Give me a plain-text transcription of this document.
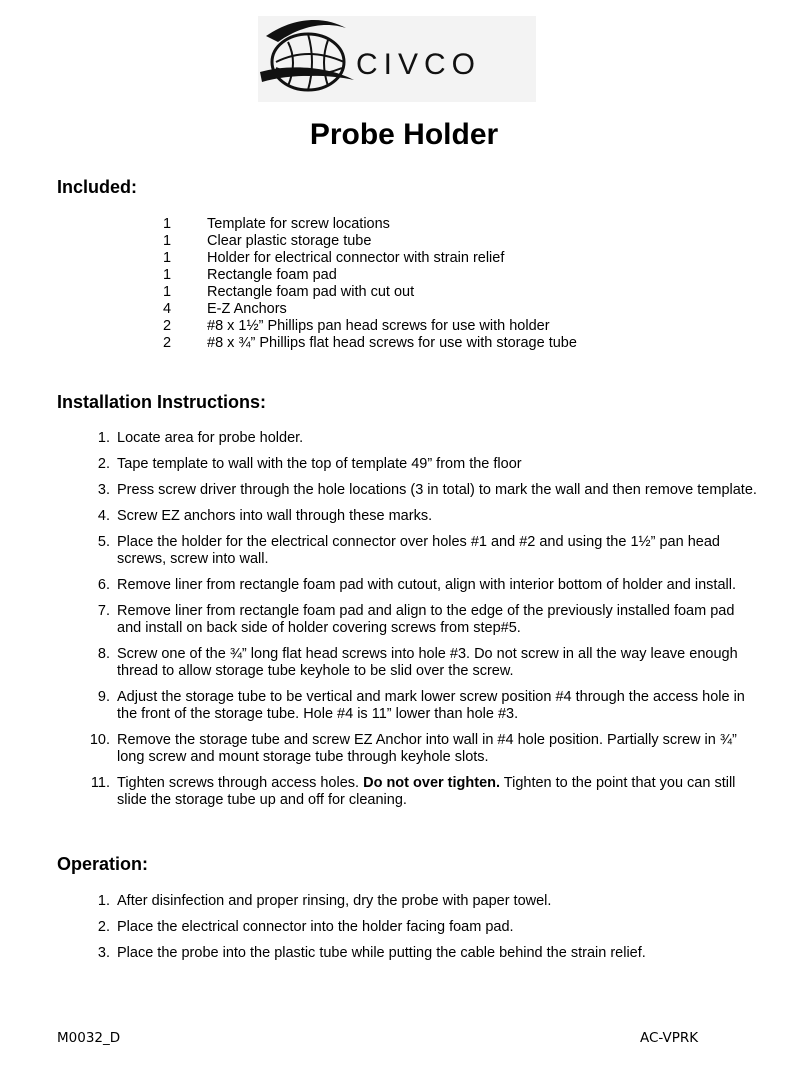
CIVCO
Probe Holder
Included:
1	Template for screw locations
1	Clear plastic storage tube
1	Holder for electrical connector with strain relief
1	Rectangle foam pad
1	Rectangle foam pad with cut out
4	E-Z Anchors
2	#8 x 1½” Phillips pan head screws for use with holder
2	#8 x ¾” Phillips flat head screws for use with storage tube
Installation Instructions:
1. Locate area for probe holder.
2. Tape template to wall with the top of template 49” from the floor
3. Press screw driver through the hole locations (3 in total) to mark the wall and then remove template.
4. Screw EZ anchors into wall through these marks.
5. Place the holder for the electrical connector over holes #1 and #2 and using the 1½” pan head screws, screw into wall.
6. Remove liner from rectangle foam pad with cutout, align with interior bottom of holder and install.
7. Remove liner from rectangle foam pad and align to the edge of the previously installed foam pad and install on back side of holder covering screws from step#5.
8. Screw one of the ¾” long flat head screws into hole #3. Do not screw in all the way leave enough thread to allow storage tube keyhole to be slid over the screw.
9. Adjust the storage tube to be vertical and mark lower screw position #4 through the access hole in the front of the storage tube. Hole #4 is 11” lower than hole #3.
10. Remove the storage tube and screw EZ Anchor into wall in #4 hole position. Partially screw in ¾” long screw and mount storage tube through keyhole slots.
11. Tighten screws through access holes. Do not over tighten. Tighten to the point that you can still slide the storage tube up and off for cleaning.
Operation:
1. After disinfection and proper rinsing, dry the probe with paper towel.
2. Place the electrical connector into the holder facing foam pad.
3. Place the probe into the plastic tube while putting the cable behind the strain relief.
M0032_D	AC-VPRK
